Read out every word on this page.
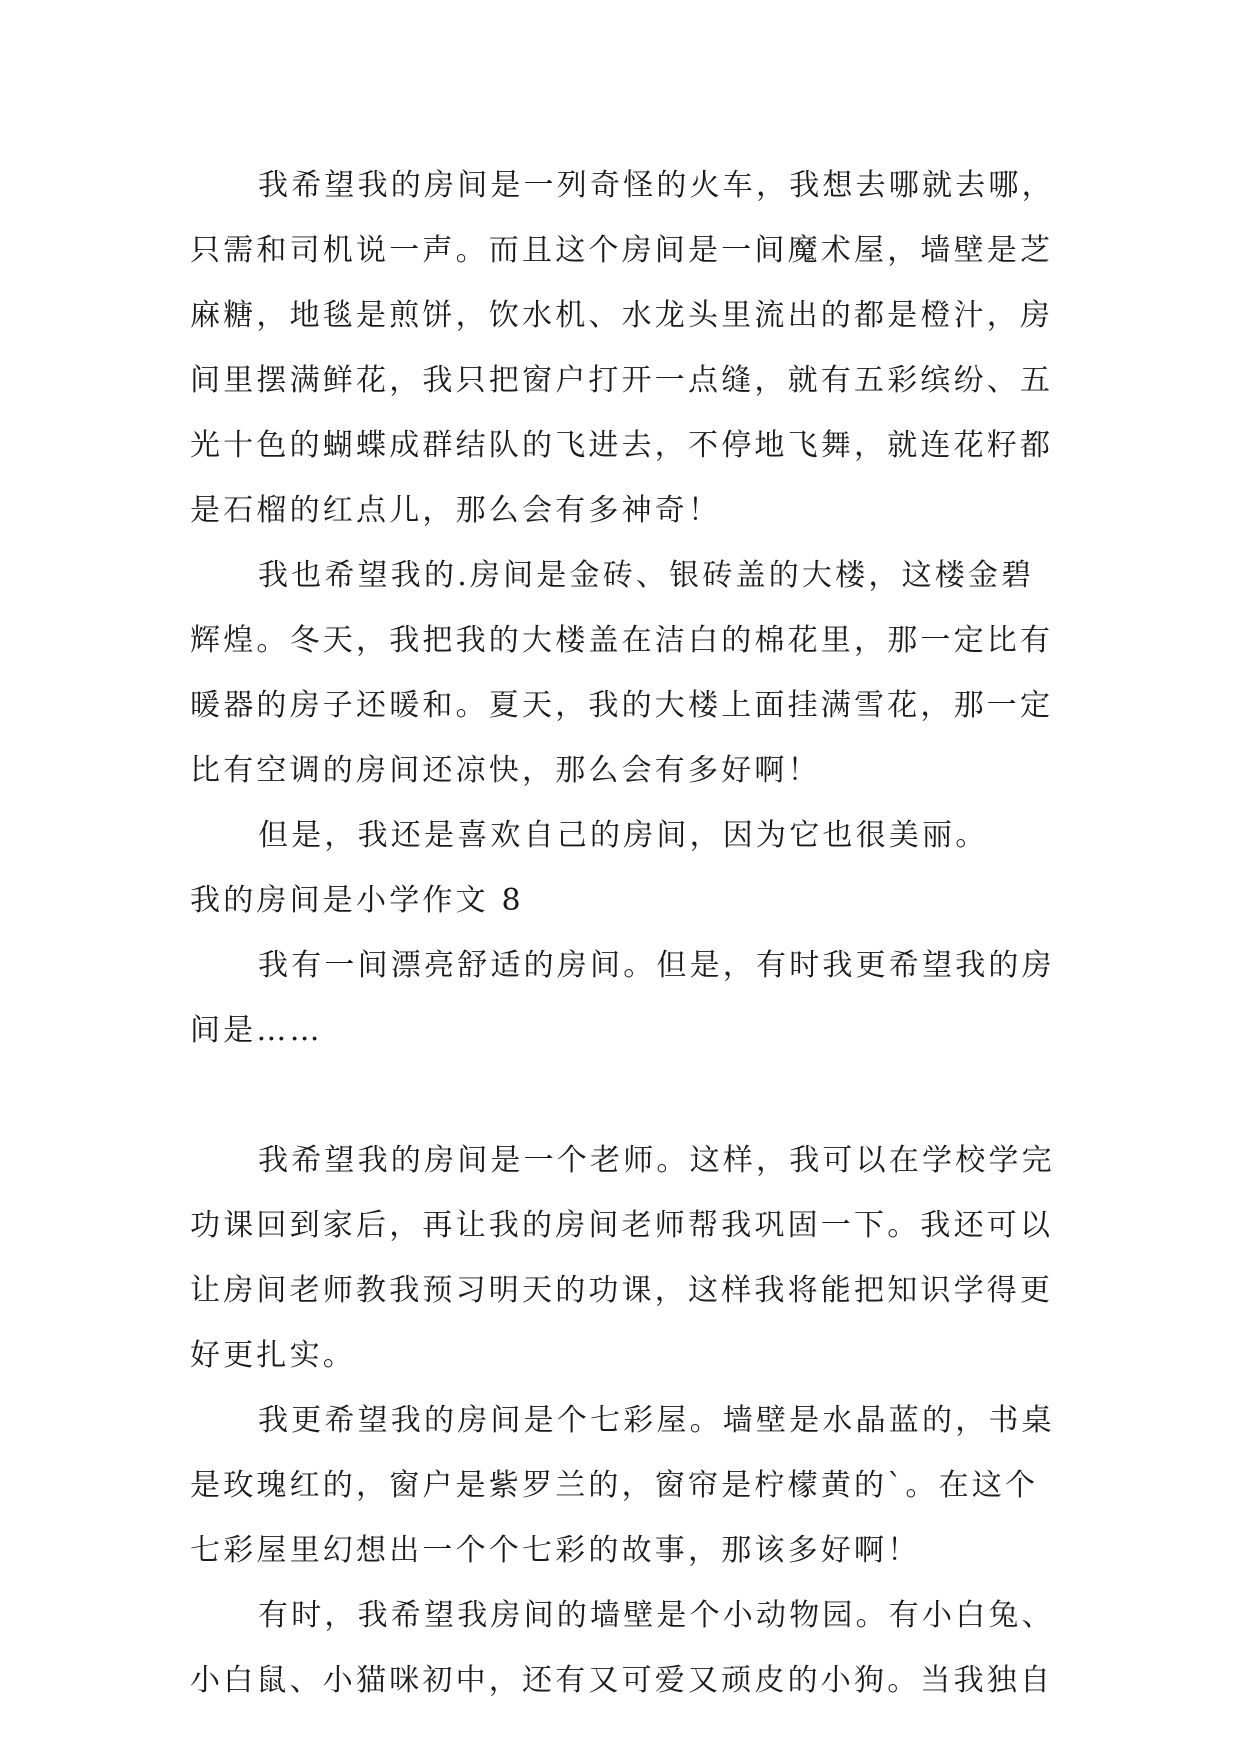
我希望我的房间是一列奇怪的火车，我想去哪就去哪，
只需和司机说一声。而且这个房间是一间魔术屋，墙壁是芝
麻糖，地毯是煎饼，饮水机、水龙头里流出的都是橙汁，房
间里摆满鲜花，我只把窗户打开一点缝，就有五彩缤纷、五
光十色的蝴蝶成群结队的飞进去，不停地飞舞，就连花籽都
是石榴的红点儿，那么会有多神奇！
我也希望我的.房间是金砖、银砖盖的大楼，这楼金碧
辉煌。冬天，我把我的大楼盖在洁白的棉花里，那一定比有
暖器的房子还暖和。夏天，我的大楼上面挂满雪花，那一定
比有空调的房间还凉快，那么会有多好啊！
但是，我还是喜欢自己的房间，因为它也很美丽。
我的房间是小学作文 8
我有一间漂亮舒适的房间。但是，有时我更希望我的房
间是……
我希望我的房间是一个老师。这样，我可以在学校学完
功课回到家后，再让我的房间老师帮我巩固一下。我还可以
让房间老师教我预习明天的功课，这样我将能把知识学得更
好更扎实。
我更希望我的房间是个七彩屋。墙壁是水晶蓝的，书桌
是玫瑰红的，窗户是紫罗兰的，窗帘是柠檬黄的`。在这个
七彩屋里幻想出一个个七彩的故事，那该多好啊！
有时，我希望我房间的墙壁是个小动物园。有小白兔、
小白鼠、小猫咪初中，还有又可爱又顽皮的小狗。当我独自
